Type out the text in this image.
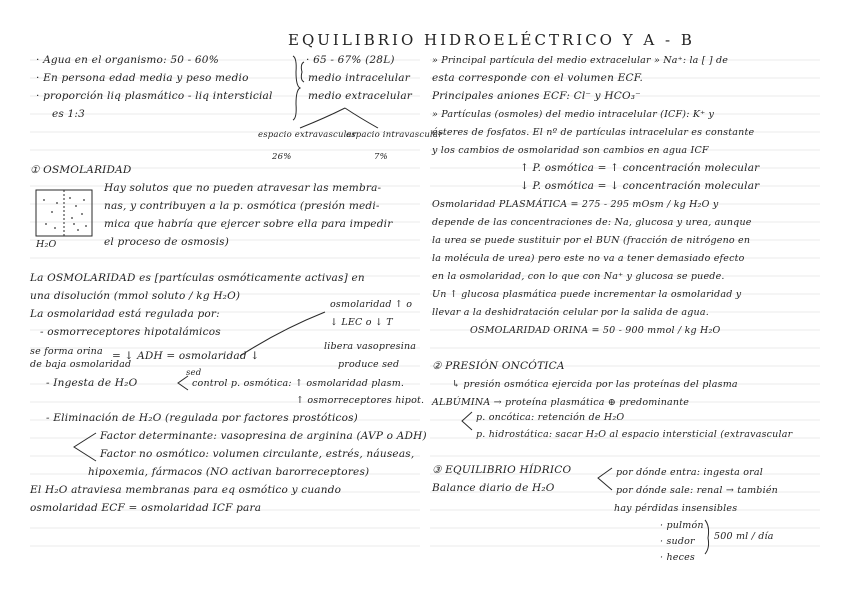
EQUILIBRIO HIDROELÉCTRICO Y A - B
· Agua en el organismo: 50 - 60%
· En persona edad media y peso medio
· proporción liq plasmático - liq intersticial
es 1:3
· 65 - 67% (28L)
medio intracelular
medio extracelular
espacio extravascular
26%
espacio intravascular
7%
① OSMOLARIDAD
H₂O
Hay solutos que no pueden atravesar las membra-
nas, y contribuyen a la p. osmótica (presión medi-
mica que habría que ejercer sobre ella para impedir
el proceso de osmosis)
La OSMOLARIDAD es [partículas osmóticamente activas] en
una disolución (mmol soluto / kg H₂O)
La osmolaridad está regulada por:
- osmorreceptores hipotalámicos
osmolaridad ↑ o
↓ LEC o ↓ T
libera vasopresina
produce sed
se forma orina
de baja osmolaridad
= ↓ ADH = osmolaridad ↓
- Ingesta de H₂O
sed
control p. osmótica: ↑ osmolaridad plasm.
↑ osmorreceptores hipot.
- Eliminación de H₂O (regulada por factores prostóticos)
Factor determinante: vasopresina de arginina (AVP o ADH)
Factor no osmótico: volumen circulante, estrés, náuseas,
hipoxemia, fármacos (NO activan barorreceptores)
El H₂O atraviesa membranas para eq osmótico y cuando
osmolaridad ECF = osmolaridad ICF para
» Principal partícula del medio extracelular » Na⁺: la [ ] de
esta corresponde con el volumen ECF.
Principales aniones ECF: Cl⁻ y HCO₃⁻
» Partículas (osmoles) del medio intracelular (ICF): K⁺ y
ésteres de fosfatos. El nº de partículas intracelular es constante
y los cambios de osmolaridad son cambios en agua ICF
↑ P. osmótica = ↑ concentración molecular
↓ P. osmótica = ↓ concentración molecular
Osmolaridad PLASMÁTICA = 275 - 295 mOsm / kg H₂O y
depende de las concentraciones de: Na, glucosa y urea, aunque
la urea se puede sustituir por el BUN (fracción de nitrógeno en
la molécula de urea) pero este no va a tener demasiado efecto
en la osmolaridad, con lo que con Na⁺ y glucosa se puede.
Un ↑ glucosa plasmática puede incrementar la osmolaridad y
llevar a la deshidratación celular por la salida de agua.
OSMOLARIDAD ORINA = 50 - 900 mmol / kg H₂O
② PRESIÓN ONCÓTICA
↳ presión osmótica ejercida por las proteínas del plasma
ALBÚMINA → proteína plasmática ⊕ predominante
p. oncótica: retención de H₂O
p. hidrostática: sacar H₂O al espacio intersticial (extravascular
③ EQUILIBRIO HÍDRICO
Balance diario de H₂O
por dónde entra: ingesta oral
por dónde sale: renal → también
hay pérdidas insensibles
· pulmón
· sudor
· heces
500 ml / día
